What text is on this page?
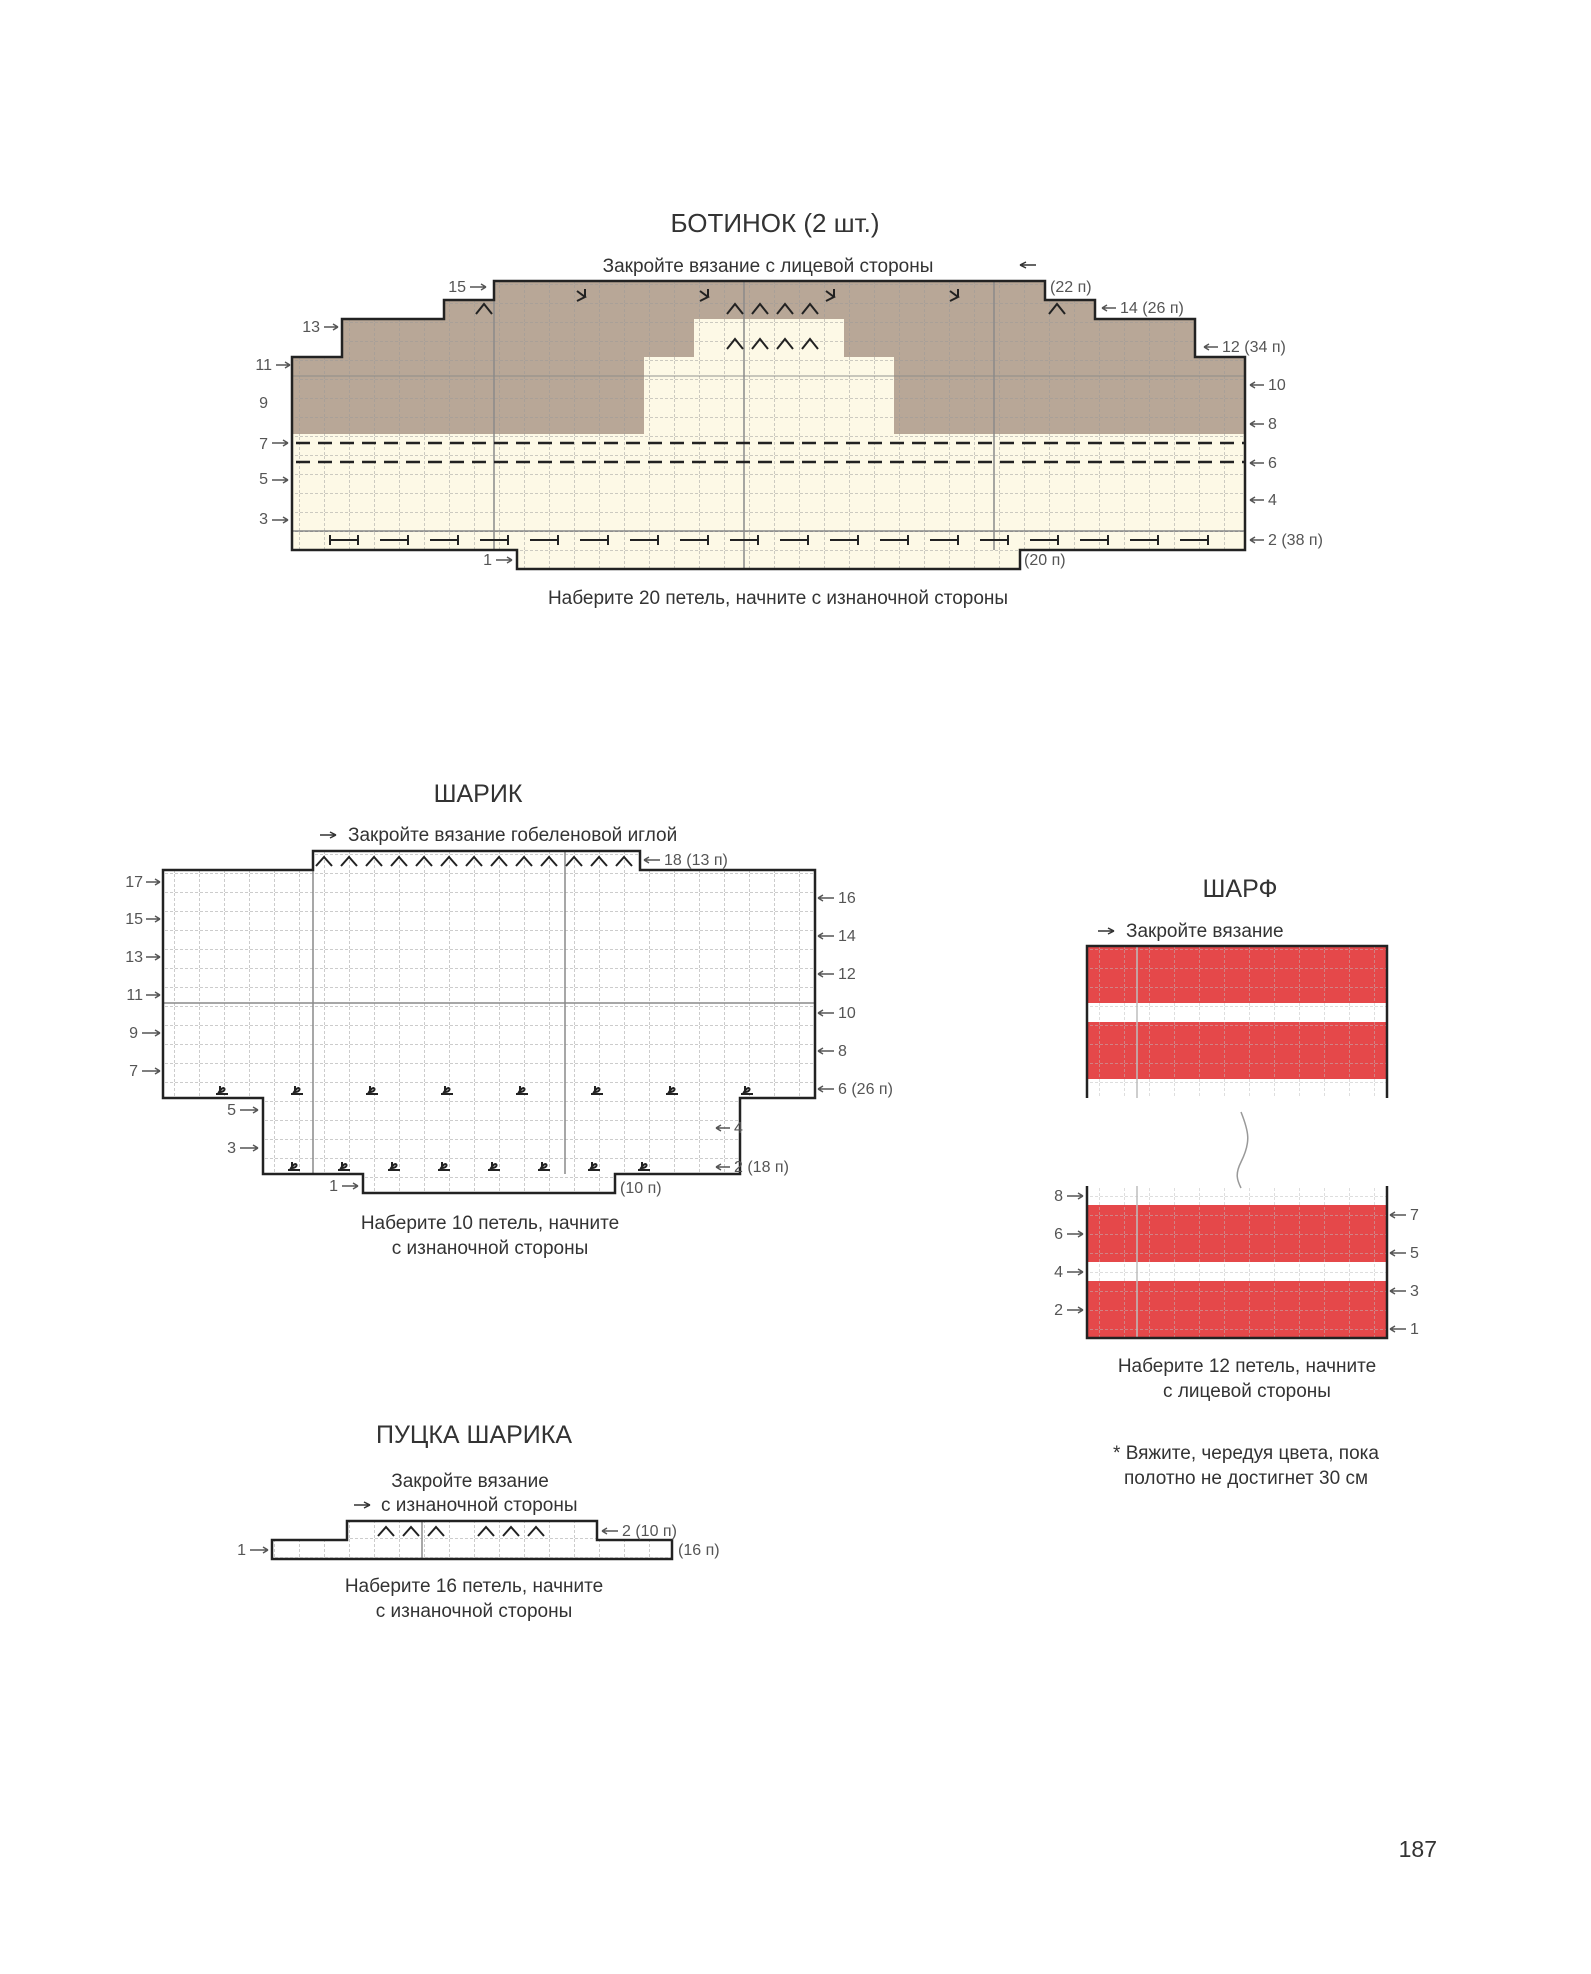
БОТИНОК (2 шт.)
Закройте вязание с лицевой стороны
15
13
11
9
7
5
3
1
(22 п)
14 (26 п)
12 (34 п)
10
8
6
4
2 (38 п)
(20 п)
Наберите 20 петель, начните с изнаночной стороны
ШАРИК
Закройте вязание гобеленовой иглой
17
15
13
11
9
7
5
3
1
18 (13 п)
16
14
12
10
8
6 (26 п)
4
2 (18 п)
(10 п)
Наберите 10 петель, начните
с изнаночной стороны
ПУЦКА ШАРИКА
Закройте вязание
с изнаночной стороны
1
2 (10 п)
(16 п)
Наберите 16 петель, начните
с изнаночной стороны
ШАРФ
Закройте вязание
8
6
4
2
7
5
3
1
Наберите 12 петель, начните
с лицевой стороны
* Вяжите, чередуя цвета, пока
полотно не достигнет 30 см
187
